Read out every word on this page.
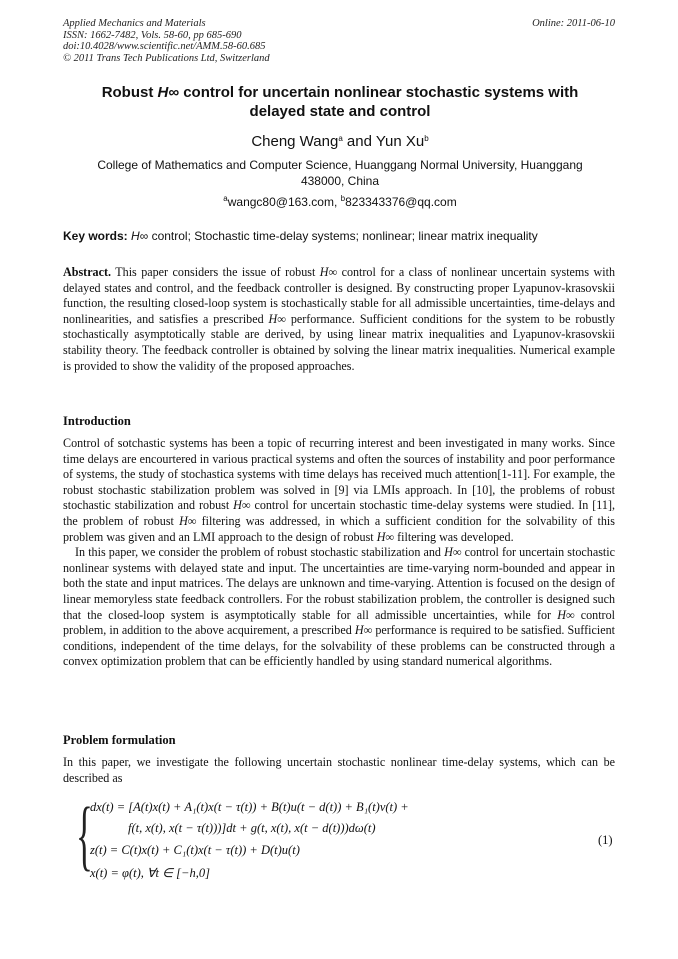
Applied Mechanics and Materials
ISSN: 1662-7482, Vols. 58-60, pp 685-690
doi:10.4028/www.scientific.net/AMM.58-60.685
© 2011 Trans Tech Publications Ltd, Switzerland
Online: 2011-06-10
Robust H∞ control for uncertain nonlinear stochastic systems with
delayed state and control
Cheng Wang$^a$ and Yun Xu$^b$
College of Mathematics and Computer Science, Huanggang Normal University, Huanggang
438000, China
$^a$wangc80@163.com, $^b$823343376@qq.com
Key words: H∞ control; Stochastic time-delay systems; nonlinear; linear matrix inequality
Abstract. This paper considers the issue of robust H∞ control for a class of nonlinear uncertain systems with delayed states and control, and the feedback controller is designed. By constructing proper Lyapunov-krasovskii function, the resulting closed-loop system is stochastically stable for all admissible uncertainties, time-delays and nonlinearities, and satisfies a prescribed H∞ performance. Sufficient conditions for the system to be robustly stochastically asymptotically stable are derived, by using linear matrix inequalities and Lyapunov-krasovskii stability theory. The feedback controller is obtained by solving the linear matrix inequalities. Numerical example is provided to show the validity of the proposed approaches.
Introduction

Control of sotchastic systems has been a topic of recurring interest and been investigated in many works. Since time delays are encourtered in various practical systems and often the sources of instability and poor performance of systems, the study of stochastica systems with time delays has received much attention[1-11]. For example, the robust stochastic stabilization problem was solved in [9] via LMIs approach. In [10], the problems of robust stochastic stabilization and robust H∞ control for uncertain stochastic time-delay systems were studied. In [11], the problem of robust H∞ filtering was addressed, in which a sufficient condition for the solvability of this problem was given and an LMI approach to the design of robust H∞ filtering was developed.

In this paper, we consider the problem of robust stochastic stabilization and H∞ control for uncertain stochastic nonlinear systems with delayed state and input. The uncertainties are time-varying norm-bounded and appear in both the state and input matrices. The delays are unknown and time-varying. Attention is focused on the design of linear memoryless state feedback controllers. For the robust stabilization problem, the controller is designed such that the closed-loop system is asymptotically stable for all admissible uncertainties, while for H∞ control problem, in addition to the above acquirement, a prescribed H∞ performance is required to be satisfied. Sufficient conditions, independent of the time delays, for the solvability of these problems can be constructed through a convex optimization problem that can be efficiently handled by using standard numerical algorithms.

Problem formulation
In this paper, we investigate the following uncertain stochastic nonlinear time-delay systems, which can be described as
{
dx(t) = [A(t)x(t) + A₁(t)x(t − τ(t)) + B(t)u(t − d(t)) + B₁(t)v(t) +
f(t, x(t), x(t − τ(t)))]dt + g(t, x(t), x(t − d(t)))dω(t)
z(t) = C(t)x(t) + C₁(t)x(t − τ(t)) + D(t)u(t)
x(t) = φ(t), ∀t ∈ [−h,0]
(1)
